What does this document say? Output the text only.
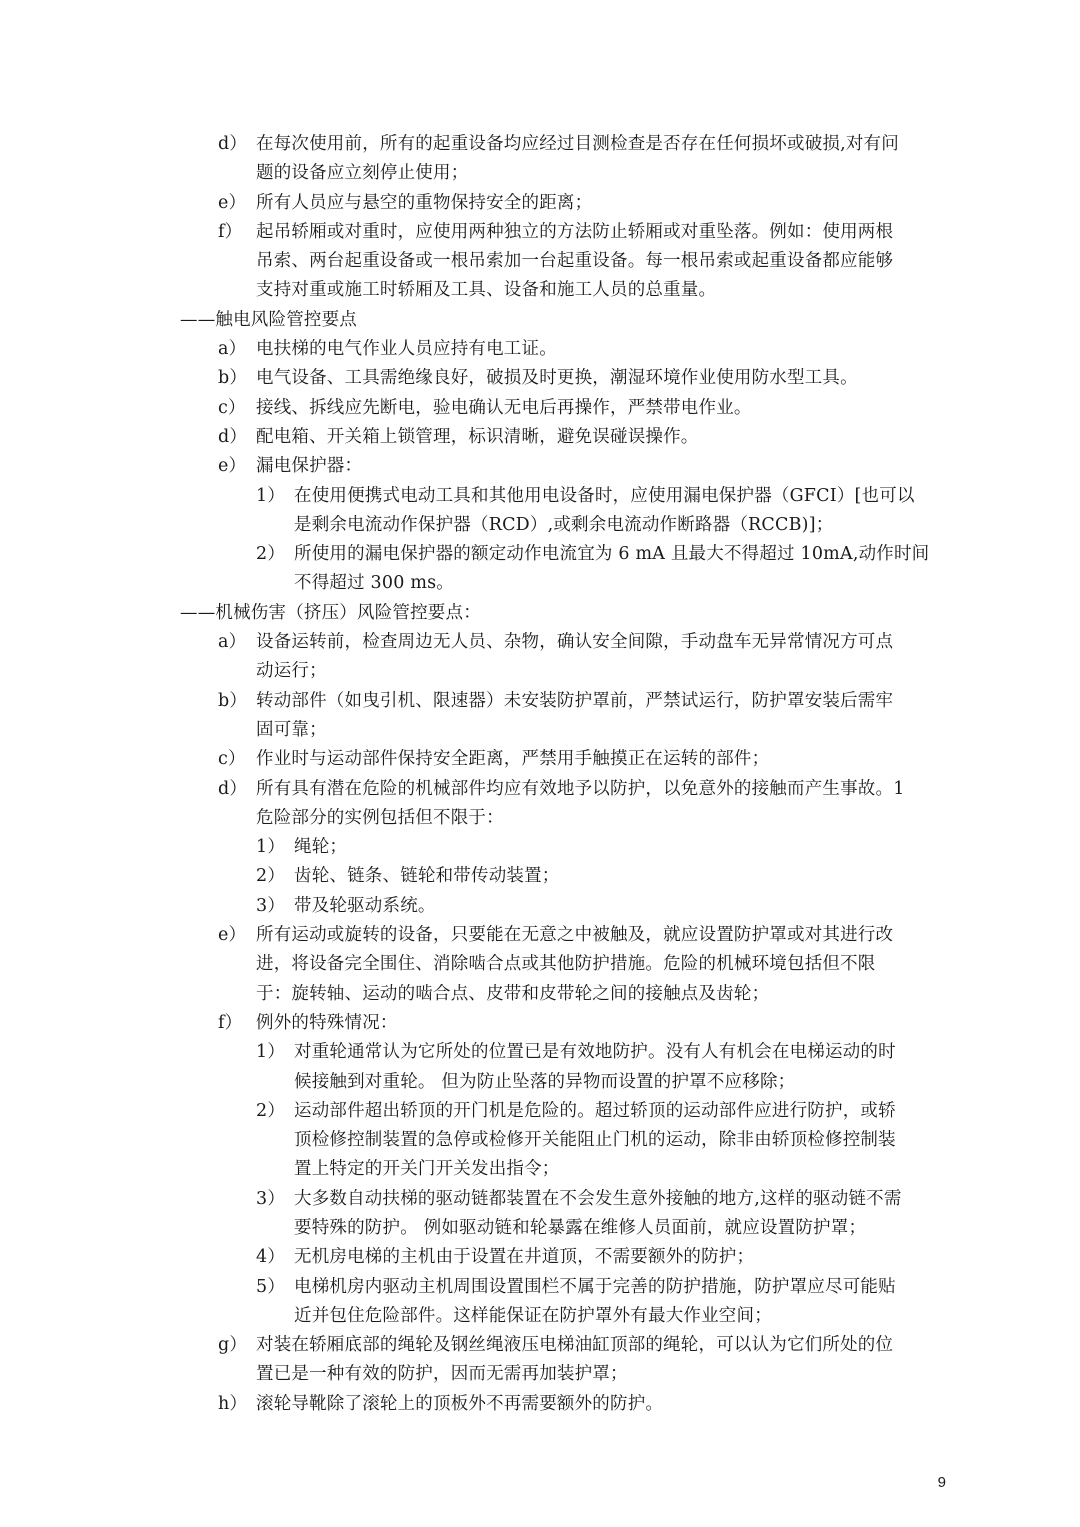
d） 在每次使用前，所有的起重设备均应经过目测检查是否存在任何损坏或破损,对有问
题的设备应立刻停止使用；
e） 所有人员应与悬空的重物保持安全的距离；
f） 起吊轿厢或对重时，应使用两种独立的方法防止轿厢或对重坠落。例如：使用两根
吊索、两台起重设备或一根吊索加一台起重设备。每一根吊索或起重设备都应能够
支持对重或施工时轿厢及工具、设备和施工人员的总重量。
——触电风险管控要点
a） 电扶梯的电气作业人员应持有电工证。
b） 电气设备、工具需绝缘良好，破损及时更换，潮湿环境作业使用防水型工具。
c） 接线、拆线应先断电，验电确认无电后再操作，严禁带电作业。
d） 配电箱、开关箱上锁管理，标识清晰，避免误碰误操作。
e） 漏电保护器：
1） 在使用便携式电动工具和其他用电设备时，应使用漏电保护器（GFCI）[也可以
是剩余电流动作保护器（RCD）,或剩余电流动作断路器（RCCB)]；
2） 所使用的漏电保护器的额定动作电流宜为 6 mA 且最大不得超过 10mA,动作时间
不得超过 300 ms。
——机械伤害（挤压）风险管控要点：
a） 设备运转前，检查周边无人员、杂物，确认安全间隙，手动盘车无异常情况方可点
动运行；
b） 转动部件（如曳引机、限速器）未安装防护罩前，严禁试运行，防护罩安装后需牢
固可靠；
c） 作业时与运动部件保持安全距离，严禁用手触摸正在运转的部件；
d） 所有具有潜在危险的机械部件均应有效地予以防护，以免意外的接触而产生事故。1
危险部分的实例包括但不限于：
1） 绳轮；
2） 齿轮、链条、链轮和带传动装置；
3） 带及轮驱动系统。
e） 所有运动或旋转的设备，只要能在无意之中被触及，就应设置防护罩或对其进行改
进，将设备完全围住、消除啮合点或其他防护措施。危险的机械环境包括但不限
于：旋转轴、运动的啮合点、皮带和皮带轮之间的接触点及齿轮；
f） 例外的特殊情况：
1） 对重轮通常认为它所处的位置已是有效地防护。没有人有机会在电梯运动的时
候接触到对重轮。 但为防止坠落的异物而设置的护罩不应移除；
2） 运动部件超出轿顶的开门机是危险的。超过轿顶的运动部件应进行防护，或轿
顶检修控制装置的急停或检修开关能阻止门机的运动，除非由轿顶检修控制装
置上特定的开关门开关发出指令；
3） 大多数自动扶梯的驱动链都装置在不会发生意外接触的地方,这样的驱动链不需
要特殊的防护。 例如驱动链和轮暴露在维修人员面前，就应设置防护罩；
4） 无机房电梯的主机由于设置在井道顶，不需要额外的防护；
5） 电梯机房内驱动主机周围设置围栏不属于完善的防护措施，防护罩应尽可能贴
近并包住危险部件。这样能保证在防护罩外有最大作业空间；
g） 对装在轿厢底部的绳轮及钢丝绳液压电梯油缸顶部的绳轮，可以认为它们所处的位
置已是一种有效的防护，因而无需再加装护罩；
h） 滚轮导靴除了滚轮上的顶板外不再需要额外的防护。
9
